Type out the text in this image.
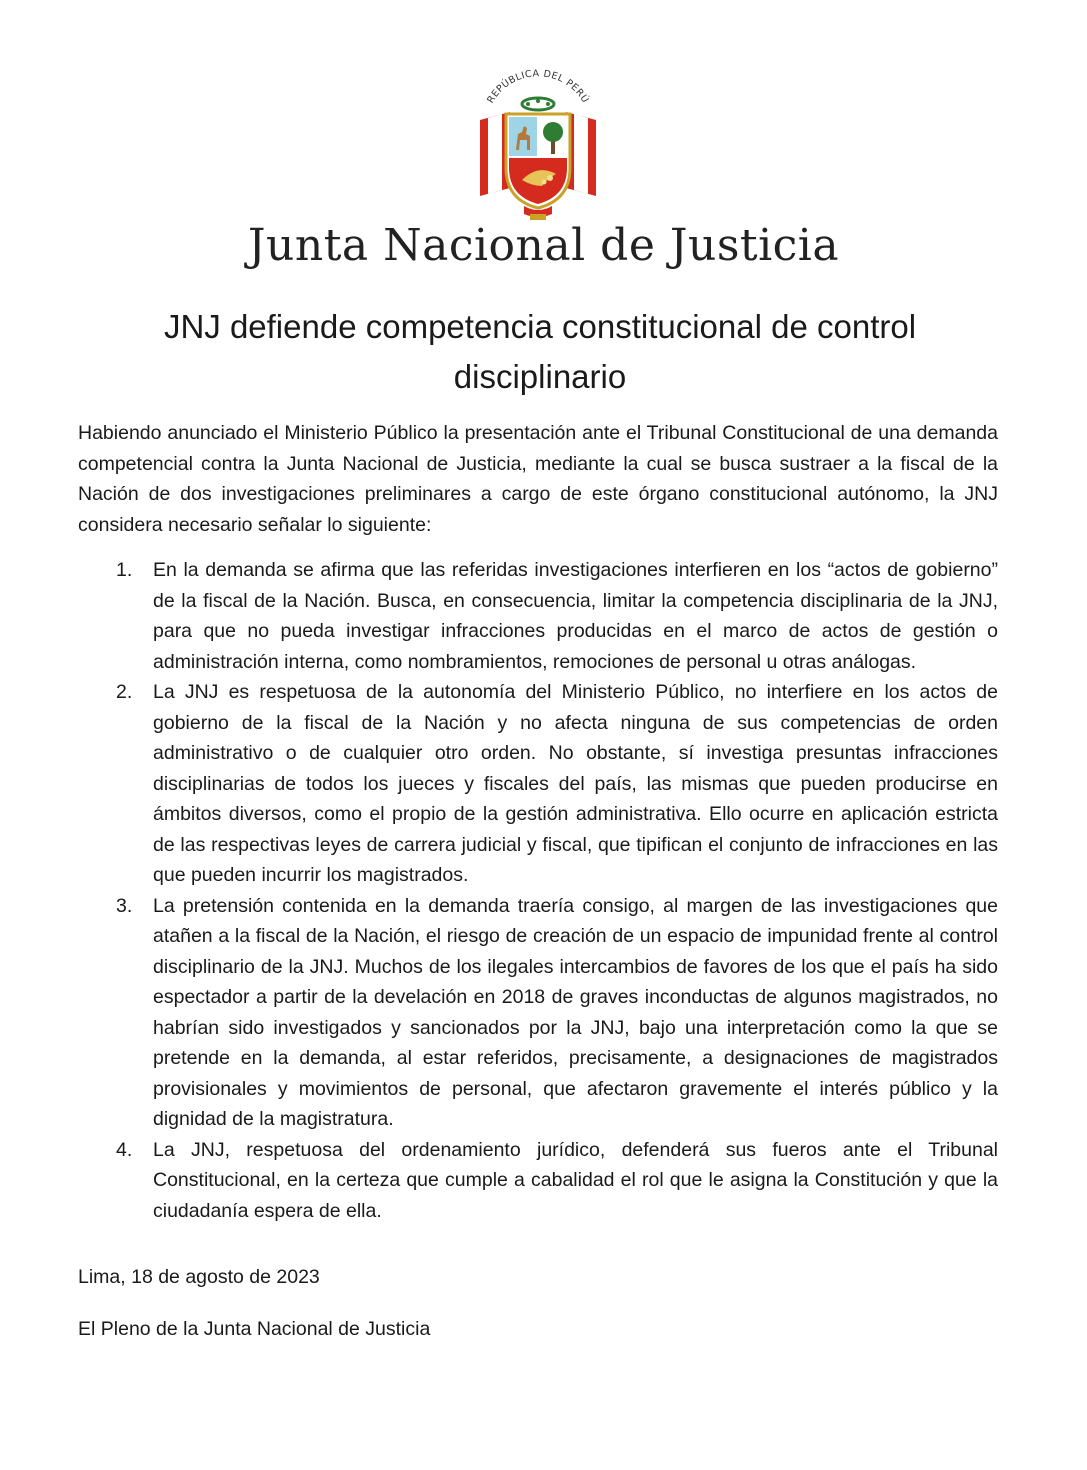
REPÚBLICA DEL PERÚ
Junta Nacional de Justicia
JNJ defiende competencia constitucional de control disciplinario

Habiendo anunciado el Ministerio Público la presentación ante el Tribunal Constitucional de una demanda competencial contra la Junta Nacional de Justicia, mediante la cual se busca sustraer a la fiscal de la Nación de dos investigaciones preliminares a cargo de este órgano constitucional autónomo, la JNJ considera necesario señalar lo siguiente:

1. En la demanda se afirma que las referidas investigaciones interfieren en los “actos de gobierno” de la fiscal de la Nación. Busca, en consecuencia, limitar la competencia disciplinaria de la JNJ, para que no pueda investigar infracciones producidas en el marco de actos de gestión o administración interna, como nombramientos, remociones de personal u otras análogas.
2. La JNJ es respetuosa de la autonomía del Ministerio Público, no interfiere en los actos de gobierno de la fiscal de la Nación y no afecta ninguna de sus competencias de orden administrativo o de cualquier otro orden. No obstante, sí investiga presuntas infracciones disciplinarias de todos los jueces y fiscales del país, las mismas que pueden producirse en ámbitos diversos, como el propio de la gestión administrativa. Ello ocurre en aplicación estricta de las respectivas leyes de carrera judicial y fiscal, que tipifican el conjunto de infracciones en las que pueden incurrir los magistrados.
3. La pretensión contenida en la demanda traería consigo, al margen de las investigaciones que atañen a la fiscal de la Nación, el riesgo de creación de un espacio de impunidad frente al control disciplinario de la JNJ. Muchos de los ilegales intercambios de favores de los que el país ha sido espectador a partir de la develación en 2018 de graves inconductas de algunos magistrados, no habrían sido investigados y sancionados por la JNJ, bajo una interpretación como la que se pretende en la demanda, al estar referidos, precisamente, a designaciones de magistrados provisionales y movimientos de personal, que afectaron gravemente el interés público y la dignidad de la magistratura.
4. La JNJ, respetuosa del ordenamiento jurídico, defenderá sus fueros ante el Tribunal Constitucional, en la certeza que cumple a cabalidad el rol que le asigna la Constitución y que la ciudadanía espera de ella.

Lima, 18 de agosto de 2023

El Pleno de la Junta Nacional de Justicia
